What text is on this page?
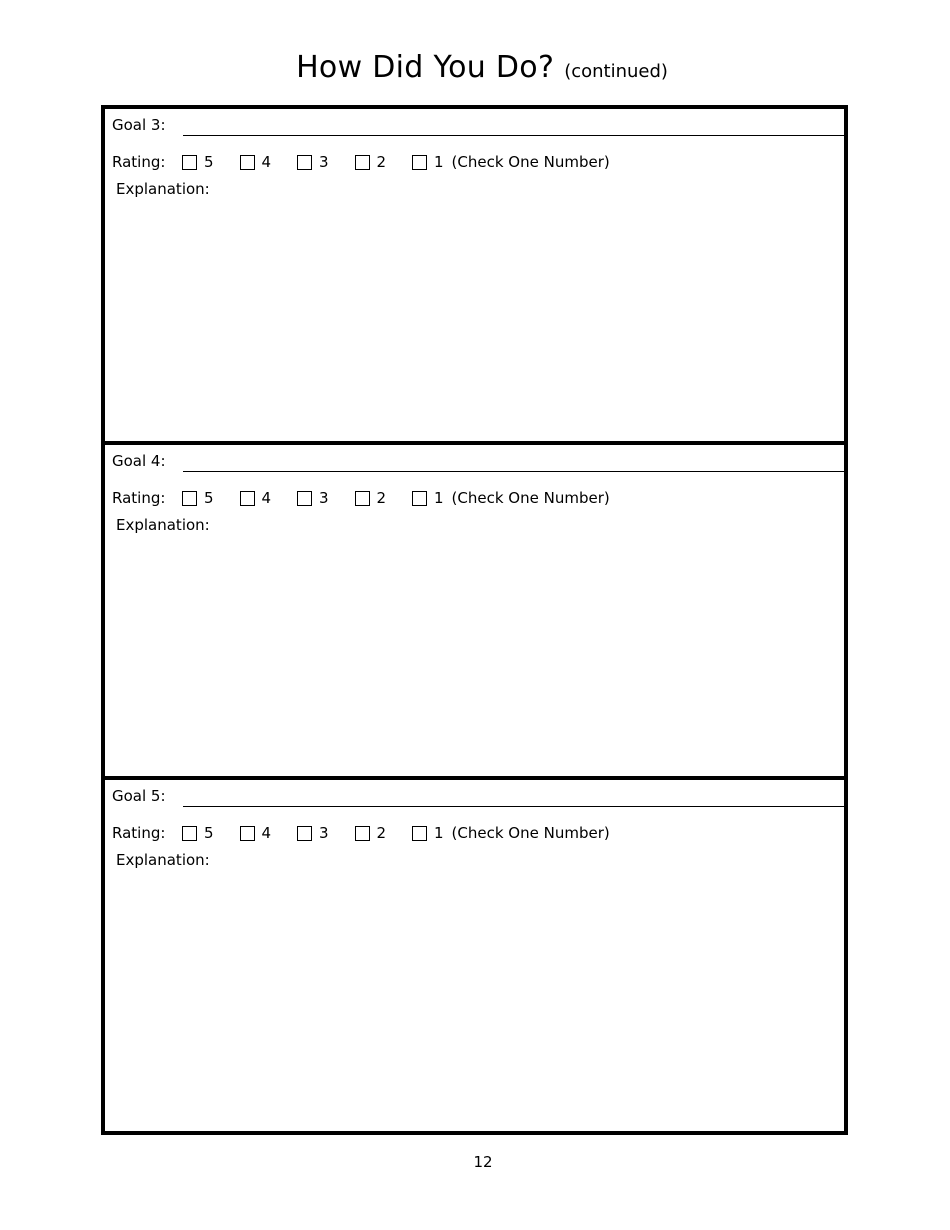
How Did You Do? (continued)
Goal 3:
Rating:	5	4	3	2	1 (Check One Number)
Explanation:
Goal 4:
Rating:	5	4	3	2	1 (Check One Number)
Explanation:
Goal 5:
Rating:	5	4	3	2	1 (Check One Number)
Explanation:
12
